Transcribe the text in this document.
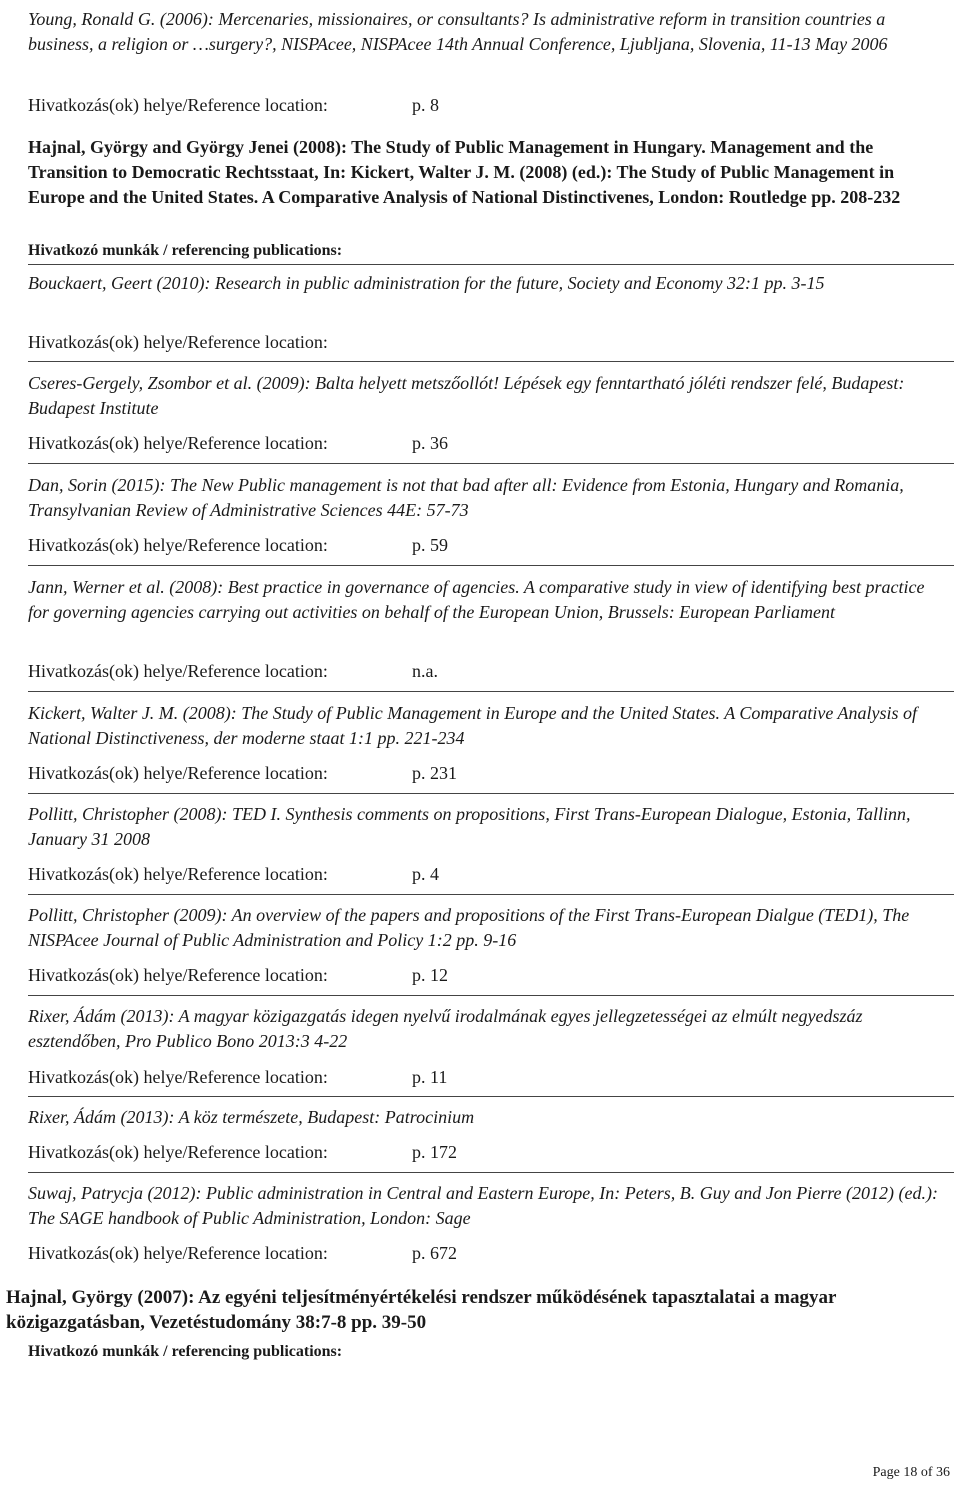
Young, Ronald G. (2006): Mercenaries, missionaires, or consultants? Is administrative reform in transition countries a business, a religion or …surgery?, NISPAcee, NISPAcee 14th Annual Conference, Ljubljana, Slovenia, 11-13 May 2006
Hivatkozás(ok) helye/Reference location:	p. 8
Hajnal, György and György Jenei (2008): The Study of Public Management in Hungary. Management and the Transition to Democratic Rechtsstaat, In: Kickert, Walter J. M. (2008) (ed.): The Study of Public Management in Europe and the United States. A Comparative Analysis of National Distinctivenes, London: Routledge pp. 208-232
Hivatkozó munkák / referencing publications:
Bouckaert, Geert (2010): Research in public administration for the future, Society and Economy 32:1 pp. 3-15
Hivatkozás(ok) helye/Reference location:
Cseres-Gergely, Zsombor et al. (2009): Balta helyett metszőollót! Lépések egy fenntartható jóléti rendszer felé, Budapest: Budapest Institute
Hivatkozás(ok) helye/Reference location:	p. 36
Dan, Sorin (2015): The New Public management is not that bad after all: Evidence from Estonia, Hungary and Romania, Transylvanian Review of Administrative Sciences 44E: 57-73
Hivatkozás(ok) helye/Reference location:	p. 59
Jann, Werner et al. (2008): Best practice in governance of agencies. A comparative study in view of identifying best practice for governing agencies carrying out activities on behalf of the European Union, Brussels: European Parliament
Hivatkozás(ok) helye/Reference location:	n.a.
Kickert, Walter J. M. (2008): The Study of Public Management in Europe and the United States. A Comparative Analysis of National Distinctiveness, der moderne staat 1:1 pp. 221-234
Hivatkozás(ok) helye/Reference location:	p. 231
Pollitt, Christopher (2008): TED I. Synthesis comments on propositions, First Trans-European Dialogue, Estonia, Tallinn, January 31 2008
Hivatkozás(ok) helye/Reference location:	p. 4
Pollitt, Christopher (2009): An overview of the papers and propositions of the First Trans-European Dialgue (TED1), The NISPAcee Journal of Public Administration and Policy 1:2 pp. 9-16
Hivatkozás(ok) helye/Reference location:	p. 12
Rixer, Ádám (2013): A magyar közigazgatás idegen nyelvű irodalmának egyes jellegzetességei az elmúlt negyedszáz esztendőben, Pro Publico Bono 2013:3 4-22
Hivatkozás(ok) helye/Reference location:	p. 11
Rixer, Ádám (2013): A köz természete, Budapest: Patrocinium
Hivatkozás(ok) helye/Reference location:	p. 172
Suwaj, Patrycja (2012): Public administration in Central and Eastern Europe, In: Peters, B. Guy and Jon Pierre (2012) (ed.): The SAGE handbook of Public Administration, London: Sage
Hivatkozás(ok) helye/Reference location:	p. 672
Hajnal, György (2007): Az egyéni teljesítményértékelési rendszer működésének tapasztalatai a magyar közigazgatásban, Vezetéstudomány 38:7-8 pp. 39-50
Hivatkozó munkák / referencing publications:
Page 18 of 36
